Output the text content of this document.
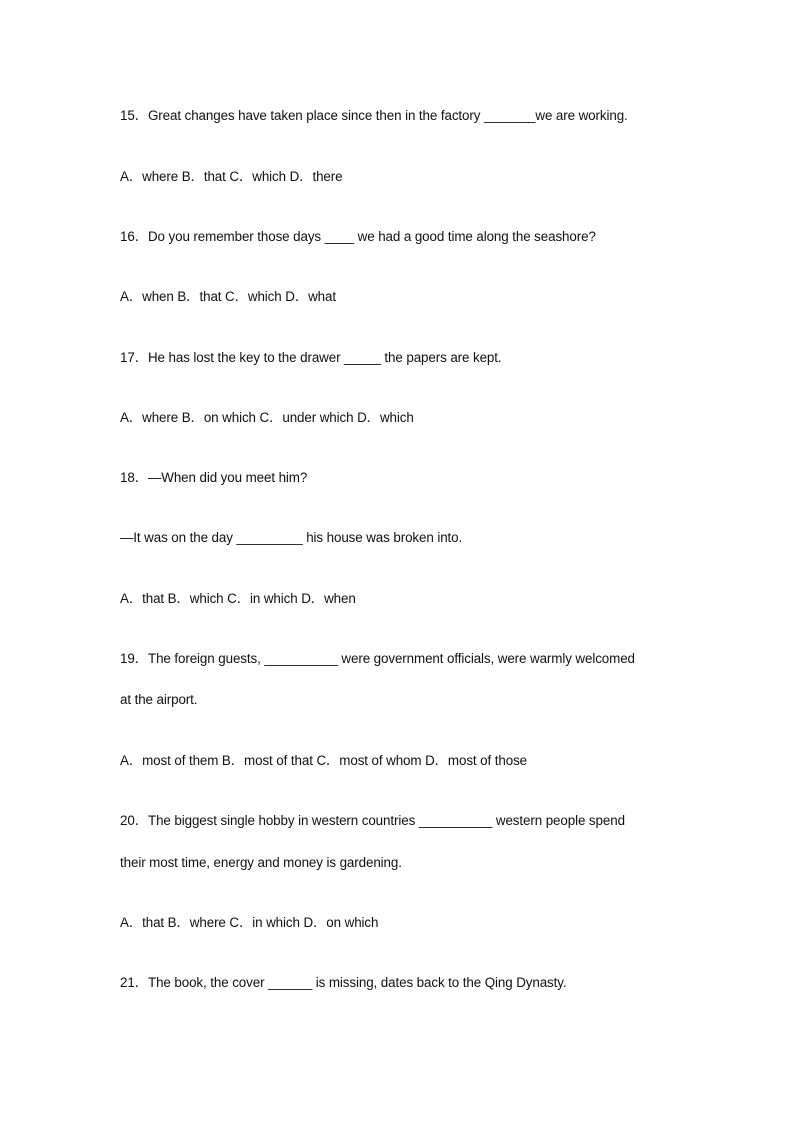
15．Great changes have taken place since then in the factory _______we are working.
A．where B．that C．which D．there
16．Do you remember those days ____ we had a good time along the seashore?
A．when B．that C．which D．what
17．He has lost the key to the drawer _____ the papers are kept.
A．where B．on which C．under which D．which
18．—When did you meet him?
—It was on the day _________ his house was broken into.
A．that B．which C．in which D．when
19．The foreign guests, __________ were government officials, were warmly welcomed
at the airport.
A．most of them B．most of that C．most of whom D．most of those
20．The biggest single hobby in western countries __________ western people spend
their most time, energy and money is gardening.
A．that B．where C．in which D．on which
21．The book, the cover ______ is missing, dates back to the Qing Dynasty.
